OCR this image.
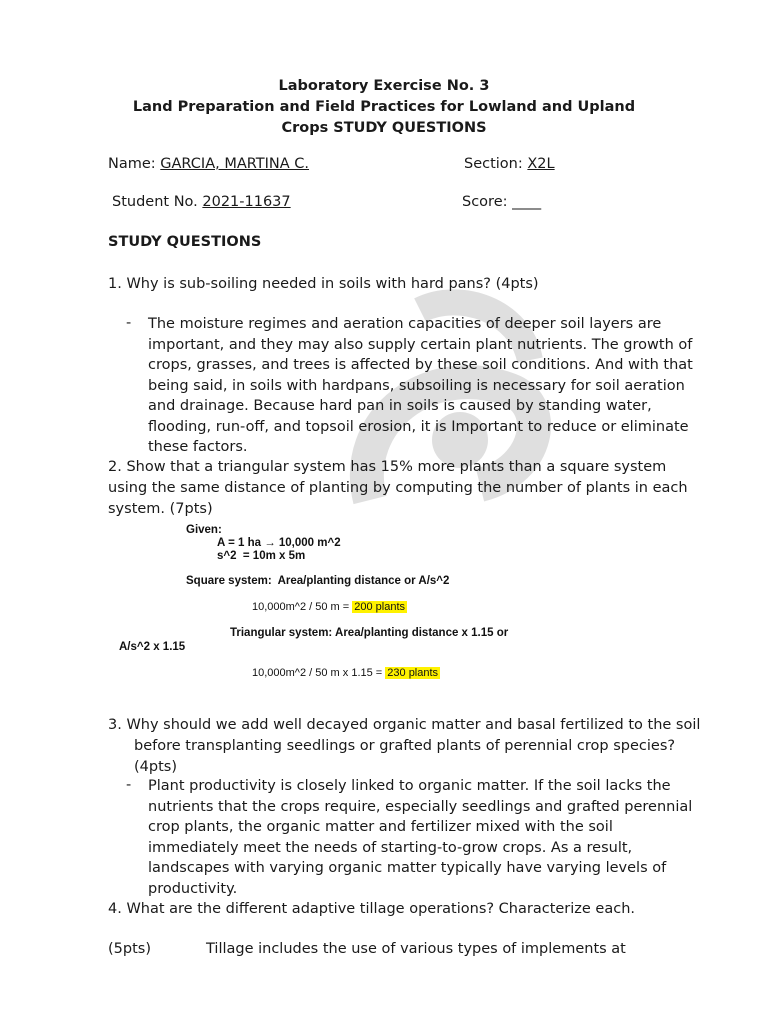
Laboratory Exercise No. 3
Land Preparation and Field Practices for Lowland and Upland
Crops STUDY QUESTIONS
Name: GARCIA, MARTINA C.	Section: X2L
Student No. 2021-11637	Score: ____
STUDY QUESTIONS
1. Why is sub-soiling needed in soils with hard pans? (4pts)
- The moisture regimes and aeration capacities of deeper soil layers are important, and they may also supply certain plant nutrients. The growth of crops, grasses, and trees is affected by these soil conditions. And with that being said, in soils with hardpans, subsoiling is necessary for soil aeration and drainage. Because hard pan in soils is caused by standing water, flooding, run-off, and topsoil erosion, it is Important to reduce or eliminate these factors.
2. Show that a triangular system has 15% more plants than a square system using the same distance of planting by computing the number of plants in each system. (7pts)
Given:
A = 1 ha → 10,000 m^2
s^2  = 10m x 5m
Square system:  Area/planting distance or A/s^2
10,000m^2 / 50 m = 200 plants
Triangular system: Area/planting distance x 1.15 or
A/s^2 x 1.15
10,000m^2 / 50 m x 1.15 = 230 plants
3. Why should we add well decayed organic matter and basal fertilized to the soil
before transplanting seedlings or grafted plants of perennial crop species? (4pts)
- Plant productivity is closely linked to organic matter. If the soil lacks the nutrients that the crops require, especially seedlings and grafted perennial crop plants, the organic matter and fertilizer mixed with the soil immediately meet the needs of starting-to-grow crops. As a result, landscapes with varying organic matter typically have varying levels of productivity.
4. What are the different adaptive tillage operations? Characterize each.
(5pts)	Tillage includes the use of various types of implements at
